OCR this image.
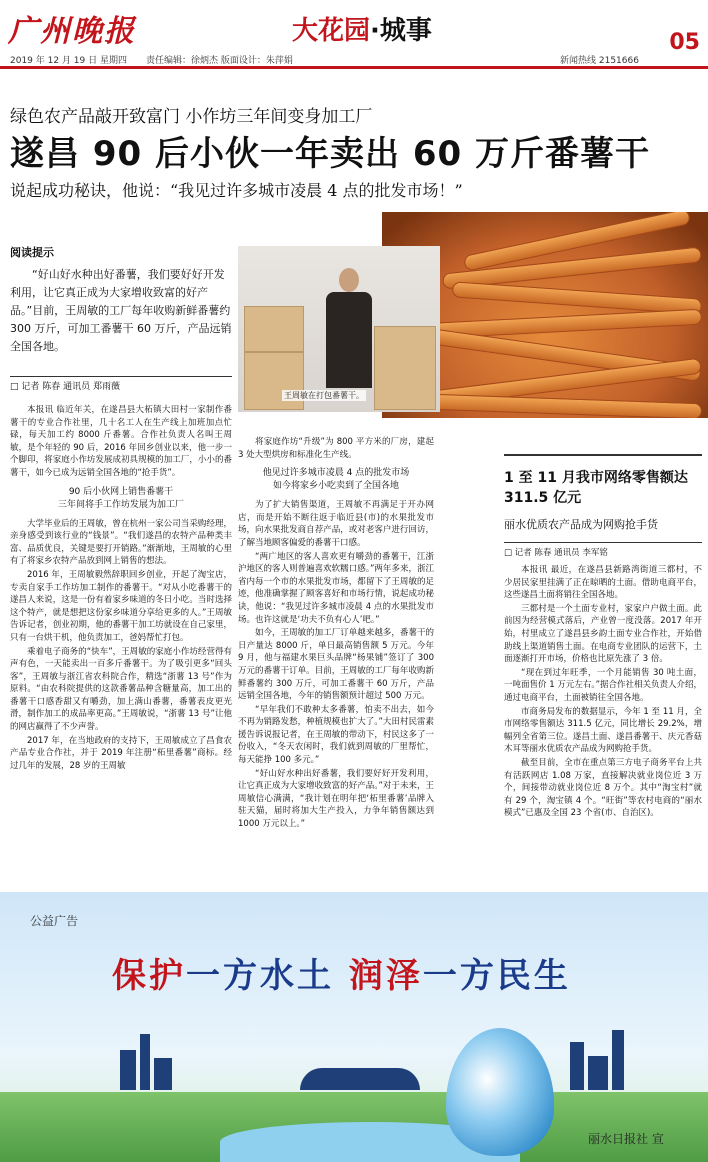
广州晚报	大花园·城事	05
2019 年 12 月 19 日 星期四 责任编辑：徐炳杰 版面设计：朱萍娟	新闻热线 2151666
绿色农产品敲开致富门 小作坊三年间变身加工厂
遂昌 90 后小伙一年卖出 60 万斤番薯干
说起成功秘诀，他说：“我见过许多城市凌晨 4 点的批发市场！”
阅读提示
“好山好水种出好番薯，我们要好好开发利用，让它真正成为大家增收致富的好产品。”目前，王周敏的工厂每年收购新鲜番薯约 300 万斤，可加工番薯干 60 万斤，产品远销全国各地。
□ 记者 陈春 通讯员 郑雨薇
王周敏在打包番薯干。

本报讯 临近年关，在遂昌县大柘镇大田村一家制作番薯干的专业合作社里，几十名工人在生产线上加班加点忙碌，每天加工约 8000 斤番薯。合作社负责人名叫王周敏，是个年轻的 90 后，2016 年回乡创业以来，他一步一个脚印，将家庭小作坊发展成初具规模的加工厂，小小的番薯干，如今已成为远销全国各地的“抢手货”。

90 后小伙网上销售番薯干
三年间将手工作坊发展为加工厂

大学毕业后的王周敏，曾在杭州一家公司当采购经理，亲身感受到该行业的“钱景”。“我们遂昌的农特产品种类丰富、品质优良，关键是要打开销路。”渐渐地，王周敏的心里有了将家乡农特产品放到网上销售的想法。

2016 年，王周敏毅然辞职回乡创业，开起了淘宝店，专卖自家手工作坊加工制作的番薯干。“对从小吃番薯干的遂昌人来说，这是一份有着家乡味道的冬日小吃。当时选择这个特产，就是想把这份家乡味道分享给更多的人。”王周敏告诉记者，创业初期，他的番薯干加工坊就设在自己家里，只有一台烘干机，他负责加工，爸妈帮忙打包。

乘着电子商务的“快车”，王周敏的家庭小作坊经营得有声有色，一天能卖出一百多斤番薯干。为了吸引更多“回头客”，王周敏与浙江省农科院合作，精选“浙薯 13 号”作为原料。“由农科院提供的这款番薯品种含糖量高，加工出的番薯干口感香甜又有嚼劲，加上满山番薯，番薯表皮更光滑，制作加工的成品率更高。”王周敏说，“浙薯 13 号”让他的网店赢得了不少声誉。

2017 年，在当地政府的支持下，王周敏成立了昌食农产品专业合作社，并于 2019 年注册“柘里番薯”商标。经过几年的发展，28 岁的王周敏

将家庭作坊“升级”为 800 平方米的厂房，建起 3 处大型烘房和标准化生产线。

他见过许多城市凌晨 4 点的批发市场
如今将家乡小吃卖到了全国各地

为了扩大销售渠道，王周敏不再满足于开办网店，而是开始不断往返于临近县(市)的水果批发市场，向水果批发商自荐产品，或对老客户进行回访，了解当地顾客偏爱的番薯干口感。

“两广地区的客人喜欢更有嚼劲的番薯干，江浙沪地区的客人则普遍喜欢软糯口感。”两年多来，浙江省内每一个市的水果批发市场，都留下了王周敏的足迹，他准确掌握了顾客喜好和市场行情，说起成功秘诀，他说：“我见过许多城市凌晨 4 点的水果批发市场。也许这就是‘功夫不负有心人’吧。”

如今，王周敏的加工厂订单越来越多，番薯干的日产量达 8000 斤，单日最高销售额 5 万元。今年 9 月，他与福建水果巨头品牌“杨果铺”签订了 300 万元的番薯干订单。目前，王周敏的工厂每年收购新鲜番薯约 300 万斤，可加工番薯干 60 万斤，产品远销全国各地，今年的销售额预计超过 500 万元。

“早年我们不敢种太多番薯，怕卖不出去，如今不再为销路发愁，种植规模也扩大了。”大田村民雷素援告诉说报记者，在王周敏的带动下，村民这多了一份收入，“冬天农闲时，我们就到周敏的厂里帮忙，每天能挣 100 多元。”

“好山好水种出好番薯，我们要好好开发利用，让它真正成为大家增收致富的好产品。”对于未来，王周敏信心满满，“我计划在明年把‘柘里番薯’品牌入驻天猫，届时将加大生产投入，力争年销售额达到 1000 万元以上。”

1 至 11 月我市网络零售额达 311.5 亿元
丽水优质农产品成为网购抢手货
□ 记者 陈春 通讯员 李军铭

本报讯 最近，在遂昌县新路湾街道三都村，不少居民家里挂满了正在晾晒的土面。借助电商平台，这些遂昌土面将销往全国各地。

三都村是一个土面专业村，家家户户做土面。此前因为经营模式落后，产业曾一度没落。2017 年开始，村里成立了遂昌县乡韵土面专业合作社，开始借助线上渠道销售土面。在电商专业团队的运营下，土面逐渐打开市场，价格也比原先涨了 3 倍。

“现在到过年旺季，一个月能销售 30 吨土面，一吨面售价 1 万元左右。”据合作社相关负责人介绍，通过电商平台，土面被销往全国各地。

市商务局发布的数据显示，今年 1 至 11 月，全市网络零售额达 311.5 亿元，同比增长 29.2%，增幅列全省第三位。遂昌土面、遂昌番薯干、庆元香菇木耳等丽水优质农产品成为网购抢手货。

截至目前，全市在重点第三方电子商务平台上共有活跃网店 1.08 万家，直接解决就业岗位近 3 万个，间接带动就业岗位近 8 万个。其中“淘宝村”就有 29 个，淘宝镇 4 个。“旺街”等农村电商的“丽水模式”已惠及全国 23 个省(市、自治区)。

公益广告
保护一方水土 润泽一方民生
丽水日报社 宣
